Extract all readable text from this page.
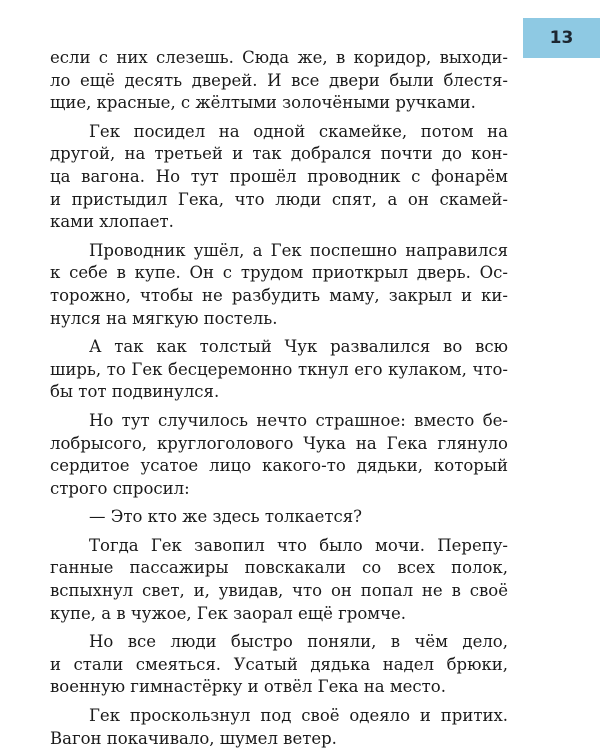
13

если с них слезешь. Сюда же, в коридор, выходи-
ло ещё десять дверей. И все двери были блестя-
щие, красные, с жёлтыми золочёными ручками.

Гек посидел на одной скамейке, потом на
другой, на третьей и так добрался почти до кон-
ца вагона. Но тут прошёл проводник с фонарём
и пристыдил Гека, что люди спят, а он скамей-
ками хлопает.

Проводник ушёл, а Гек поспешно направился
к себе в купе. Он с трудом приоткрыл дверь. Ос-
торожно, чтобы не разбудить маму, закрыл и ки-
нулся на мягкую постель.

А так как толстый Чук развалился во всю
ширь, то Гек бесцеремонно ткнул его кулаком, что-
бы тот подвинулся.

Но тут случилось нечто страшное: вместо бе-
лобрысого, круглоголового Чука на Гека глянуло
сердитое усатое лицо какого-то дядьки, который
строго спросил:

— Это кто же здесь толкается?

Тогда Гек завопил что было мочи. Перепу-
ганные пассажиры повскакали со всех полок,
вспыхнул свет, и, увидав, что он попал не в своё
купе, а в чужое, Гек заорал ещё громче.

Но все люди быстро поняли, в чём дело,
и стали смеяться. Усатый дядька надел брюки,
военную гимнастёрку и отвёл Гека на место.

Гек проскользнул под своё одеяло и притих.
Вагон покачивало, шумел ветер.
